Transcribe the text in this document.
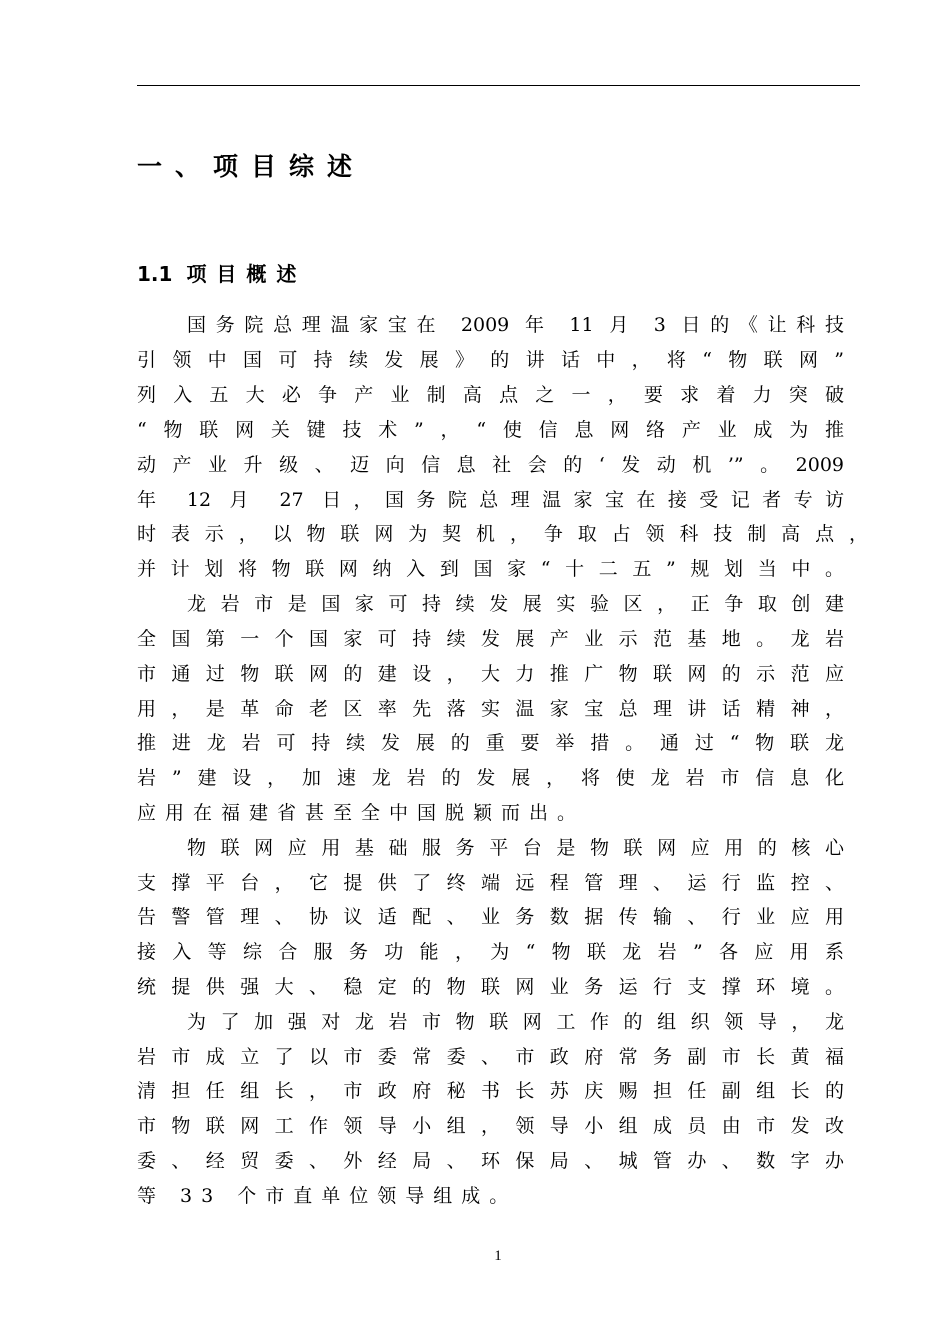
一、项目综述
1.1 项目概述
国务院总理温家宝在 2009 年 11 月 3 日的《让科技
引领中国可持续发展》的讲话中，将“物联网”
列入五大必争产业制高点之一，要求着力突破
“物联网关键技术”，“使信息网络产业成为推
动产业升级、迈向信息社会的‘发动机’”。2009
年 12 月 27 日，国务院总理温家宝在接受记者专访
时表示，以物联网为契机，争取占领科技制高点，
并计划将物联网纳入到国家“十二五”规划当中。
龙岩市是国家可持续发展实验区，正争取创建
全国第一个国家可持续发展产业示范基地。龙岩
市通过物联网的建设，大力推广物联网的示范应
用，是革命老区率先落实温家宝总理讲话精神，
推进龙岩可持续发展的重要举措。通过“物联龙
岩”建设，加速龙岩的发展，将使龙岩市信息化
应用在福建省甚至全中国脱颖而出。
物联网应用基础服务平台是物联网应用的核心
支撑平台，它提供了终端远程管理、运行监控、
告警管理、协议适配、业务数据传输、行业应用
接入等综合服务功能，为“物联龙岩”各应用系
统提供强大、稳定的物联网业务运行支撑环境。
为了加强对龙岩市物联网工作的组织领导，龙
岩市成立了以市委常委、市政府常务副市长黄福
清担任组长，市政府秘书长苏庆赐担任副组长的
市物联网工作领导小组，领导小组成员由市发改
委、经贸委、外经局、环保局、城管办、数字办
等 33 个市直单位领导组成。
1
